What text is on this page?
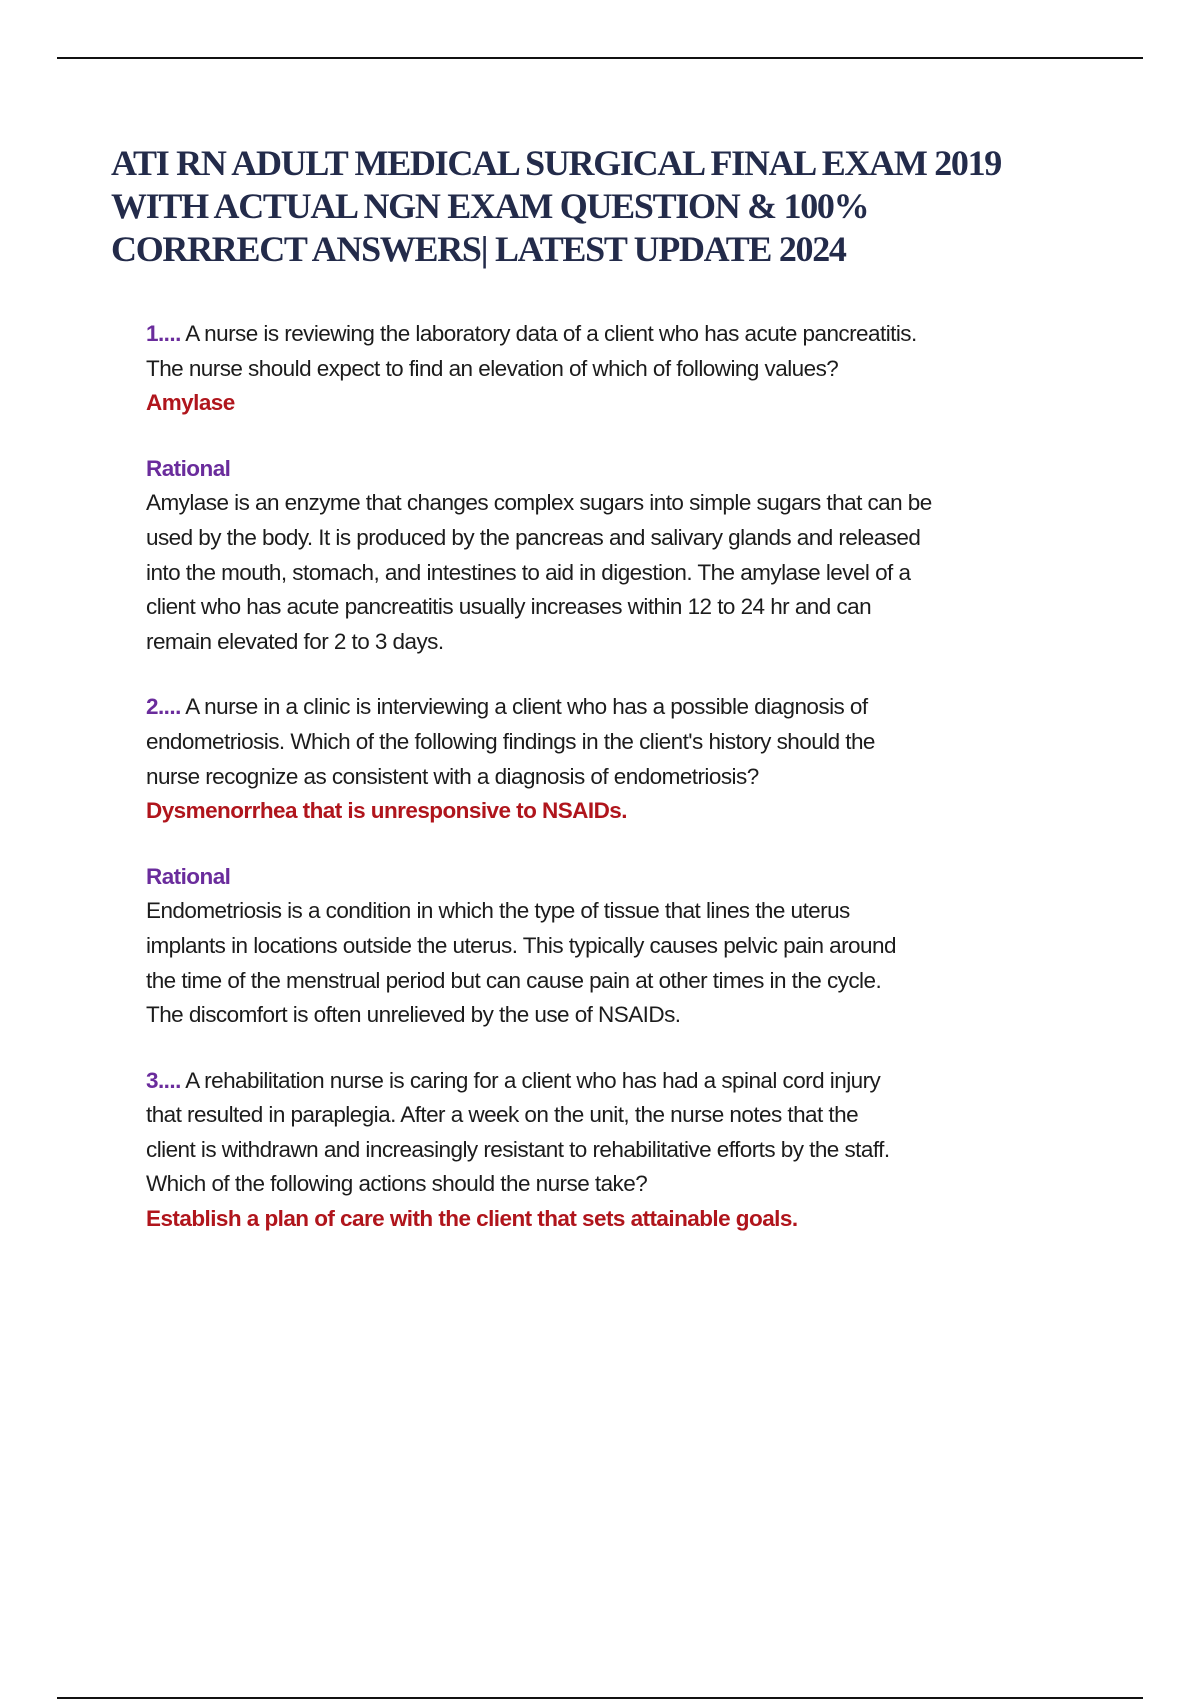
ATI RN ADULT MEDICAL SURGICAL FINAL EXAM 2019
WITH ACTUAL NGN EXAM QUESTION & 100%
CORRRECT ANSWERS| LATEST UPDATE 2024
1.... A nurse is reviewing the laboratory data of a client who has acute pancreatitis.
The nurse should expect to find an elevation of which of following values?
Amylase
Rational
Amylase is an enzyme that changes complex sugars into simple sugars that can be
used by the body. It is produced by the pancreas and salivary glands and released
into the mouth, stomach, and intestines to aid in digestion. The amylase level of a
client who has acute pancreatitis usually increases within 12 to 24 hr and can
remain elevated for 2 to 3 days.
2.... A nurse in a clinic is interviewing a client who has a possible diagnosis of
endometriosis. Which of the following findings in the client's history should the
nurse recognize as consistent with a diagnosis of endometriosis?
Dysmenorrhea that is unresponsive to NSAIDs.
Rational
Endometriosis is a condition in which the type of tissue that lines the uterus
implants in locations outside the uterus. This typically causes pelvic pain around
the time of the menstrual period but can cause pain at other times in the cycle.
The discomfort is often unrelieved by the use of NSAIDs.
3.... A rehabilitation nurse is caring for a client who has had a spinal cord injury
that resulted in paraplegia. After a week on the unit, the nurse notes that the
client is withdrawn and increasingly resistant to rehabilitative efforts by the staff.
Which of the following actions should the nurse take?
Establish a plan of care with the client that sets attainable goals.
